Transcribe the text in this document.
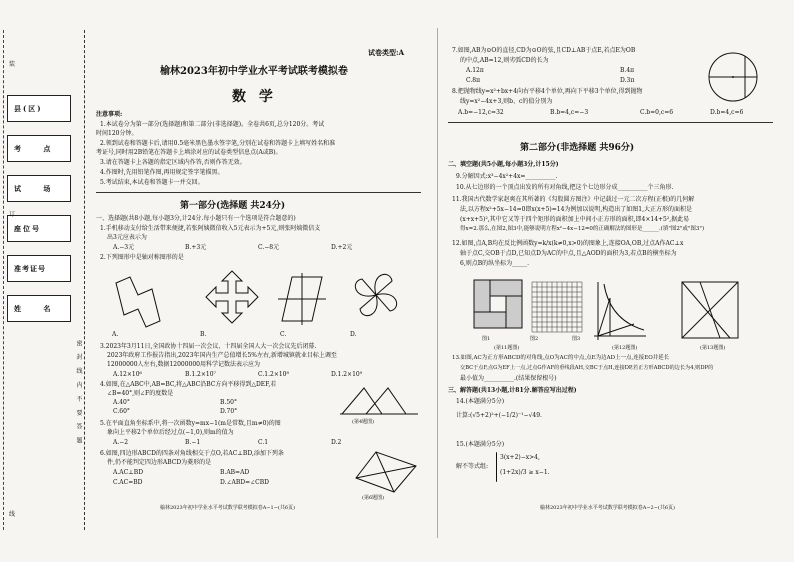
县(区)
考 点
试 场
座位号
准考证号
姓 名
密 封 线 内 不 要 答 题
装
订
线
试卷类型:A
榆林2023年初中学业水平考试联考模拟卷
数 学
注意事项:
1.本试卷分为第一部分(选择题)和第二部分(非选择题)。全卷共6页,总分120分。考试
时间120分钟。
2.领到试卷和答题卡后,请用0.5毫米黑色墨水签字笔,分别在试卷和答题卡上填写姓名和准
考证号,同时用2B铅笔在答题卡上填涂对应的试卷类型信息点(A或B)。
3.请在答题卡上各题的指定区域内作答,否则作答无效。
4.作图时,先用铅笔作图,再用规定签字笔描黑。
5.考试结束,本试卷和答题卡一并交回。
第一部分(选择题 共24分)
一、选择题(共8小题,每小题3分,计24分.每小题只有一个选项是符合题意的)
1.手机移动支付给生活带来便捷,若张阿姨微信收入5元表示为+5元,则张阿姨微信支
出3元应表示为
A.−3元	B.+3元	C.−8元	D.+2元
2.下列图形中是轴对称图形的是
A.	B.	C.	D.
3.2023年3月11日,全国政协十四届一次会议、十四届全国人大一次会议先后闭幕.
2023年政府工作报告指出,2023年国内生产总值增长5%左右,新增城镇就业目标上调至
12000000人左右,数据12000000用科学记数法表示应为
A.12×10⁶	B.1.2×10⁷	C.1.2×10⁸	D.1.2×10⁹
4.如图,在△ABC中,AB=BC,将△ABC沿BC方向平移得到△DEF,若
∠B=40°,则∠F的度数是
A.40°	B.50°
C.60°	D.70°
(第4题图)
5.在平面直角坐标系中,将一次函数y=mx−1(m是常数,且m≠0)的图
象向上平移2个单位后经过点(−1,0),则m的值为
A.−2	B.−1	C.1	D.2
6.如图,四边形ABCD的四条对角线相交于点O,若AC⊥BD,添加下列条
件,仍不能判定四边形ABCD为菱形的是
A.AC⊥BD	B.AB=AD
C.AC=BD	D.∠ABD=∠CBD
(第6题图)
榆林2023年初中学业水平考试数学联考模拟卷A−1−(共6页)
7.如图,AB为⊙O的直径,CD为⊙O的弦,且CD⊥AB于点E,若点E为OB
的中点,AB=12,则劣弧CD的长为
A.12π	B.4π
C.8π	D.3π
8.把抛物线y=x²+bx+4向右平移4个单位,再向下平移3个单位,得到抛物
线y=x²−4x+3,则b、c的值分别为
A.b=−12,c=32	B.b=4,c=−3	C.b=0,c=6	D.b=4,c=6
第二部分(非选择题 共96分)
二、填空题(共5小题,每小题3分,计15分)
9.分解因式:x³−4x²+4x=__________.
10.从七边形的一个顶点出发的所有对角线,把这个七边形分成__________个三角形.
11.我国古代数学家赵爽在其所著的《勾股圆方图注》中记载过一元二次方程(正根)的几何解
法,以方程x²+5x−14=0即x(x+5)=14为例加以说明,构造出了如图1,大正方形的面积是
(x+x+5)²,其中它又等于四个矩形的面积加上中间小正方形的面积,即4×14+5²,据此易
得x=2.那么,在图2,图3中,能够说明方程x²−4x−12=0的正确解法的图形是______.(填"图2"或"图3")
12.如图,点A,B均在反比例函数y=k/x(k≠0,x>0)的图象上,连接OA,OB,过点A作AC⊥x
轴于点C,交OB于点D,已知点D为AC的中点,且△AOD的面积为3,若点B的横坐标为
6,则点B的纵坐标为_____.
图1	图2	图3
(第11题图)	(第12题图)	(第13题图)
13.如图,AC为正方形ABCD的对角线,点O为AC的中点,点E为边AD上一点,连接EO并延长
交BC于点F,点G为EF上一点,过点G作AF的垂线段AH,交BC于点H,连接DP,若正方形ABCD的边长为4,则DP的
最小值为__________.(结果保留根号)
三、解答题(共13小题,计81分.解答应写出过程)
14.(本题满分5分)
计算:(√5+2)²+(−1/2)⁻¹−√49.
15.(本题满分5分)
解不等式组:
3(x+2)−x>4,
(1+2x)/3 ≥ x−1.
榆林2023年初中学业水平考试数学联考模拟卷A−2−(共6页)
